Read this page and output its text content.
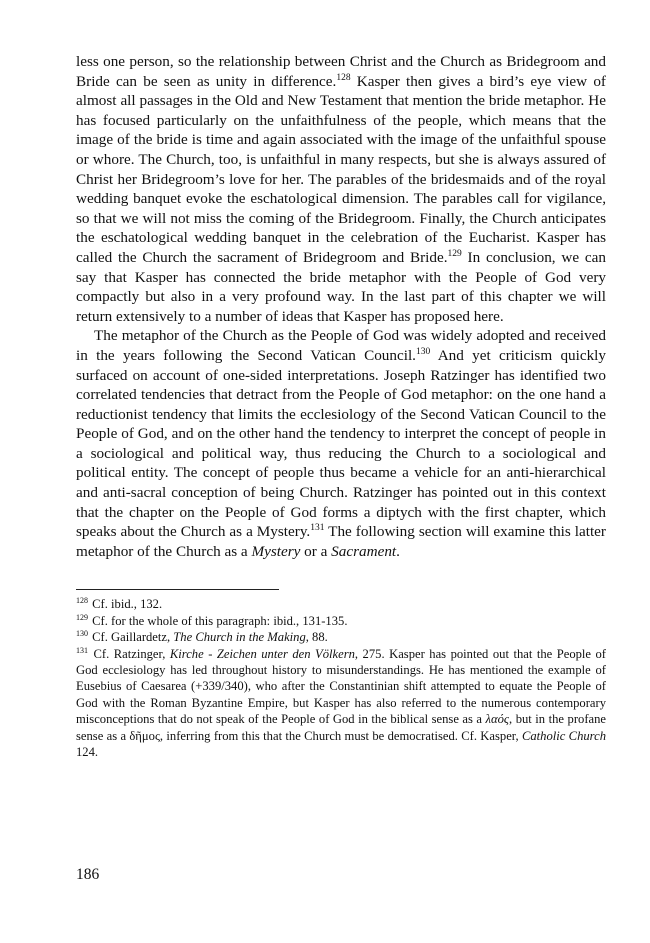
less one person, so the relationship between Christ and the Church as Bridegroom and Bride can be seen as unity in difference.$^{128}$ Kasper then gives a bird’s eye view of almost all passages in the Old and New Testament that mention the bride metaphor. He has focused particularly on the unfaithfulness of the people, which means that the image of the bride is time and again associated with the image of the unfaithful spouse or whore. The Church, too, is unfaithful in many respects, but she is always assured of Christ her Bridegroom’s love for her. The parables of the bridesmaids and of the royal wedding banquet evoke the eschatological dimension. The parables call for vigilance, so that we will not miss the coming of the Bridegroom. Finally, the Church anticipates the eschatological wedding banquet in the celebration of the Eucharist. Kasper has called the Church the sacrament of Bridegroom and Bride.$^{129}$ In conclusion, we can say that Kasper has connected the bride metaphor with the People of God very compactly but also in a very profound way. In the last part of this chapter we will return extensively to a number of ideas that Kasper has proposed here.

The metaphor of the Church as the People of God was widely adopted and received in the years following the Second Vatican Council.$^{130}$ And yet criticism quickly surfaced on account of one-sided interpretations. Joseph Ratzinger has identified two correlated tendencies that detract from the People of God metaphor: on the one hand a reductionist tendency that limits the ecclesiology of the Second Vatican Council to the People of God, and on the other hand the tendency to interpret the concept of people in a sociological and political way, thus reducing the Church to a sociological and political entity. The concept of people thus became a vehicle for an anti-hierarchical and anti-sacral conception of being Church. Ratzinger has pointed out in this context that the chapter on the People of God forms a diptych with the first chapter, which speaks about the Church as a Mystery.$^{131}$ The following section will examine this latter metaphor of the Church as a Mystery or a Sacrament.

$^{128}$ Cf. ibid., 132.

$^{129}$ Cf. for the whole of this paragraph: ibid., 131-135.

$^{130}$ Cf. Gaillardetz, The Church in the Making, 88.

$^{131}$ Cf. Ratzinger, Kirche - Zeichen unter den Völkern, 275. Kasper has pointed out that the People of God ecclesiology has led throughout history to misunderstandings. He has mentioned the example of Eusebius of Caesarea (+339/340), who after the Constantinian shift attempted to equate the People of God with the Roman Byzantine Empire, but Kasper has also referred to the numerous contemporary misconceptions that do not speak of the People of God in the biblical sense as a λαός, but in the profane sense as a δῆμος, inferring from this that the Church must be democratised. Cf. Kasper, Catholic Church 124.

186
